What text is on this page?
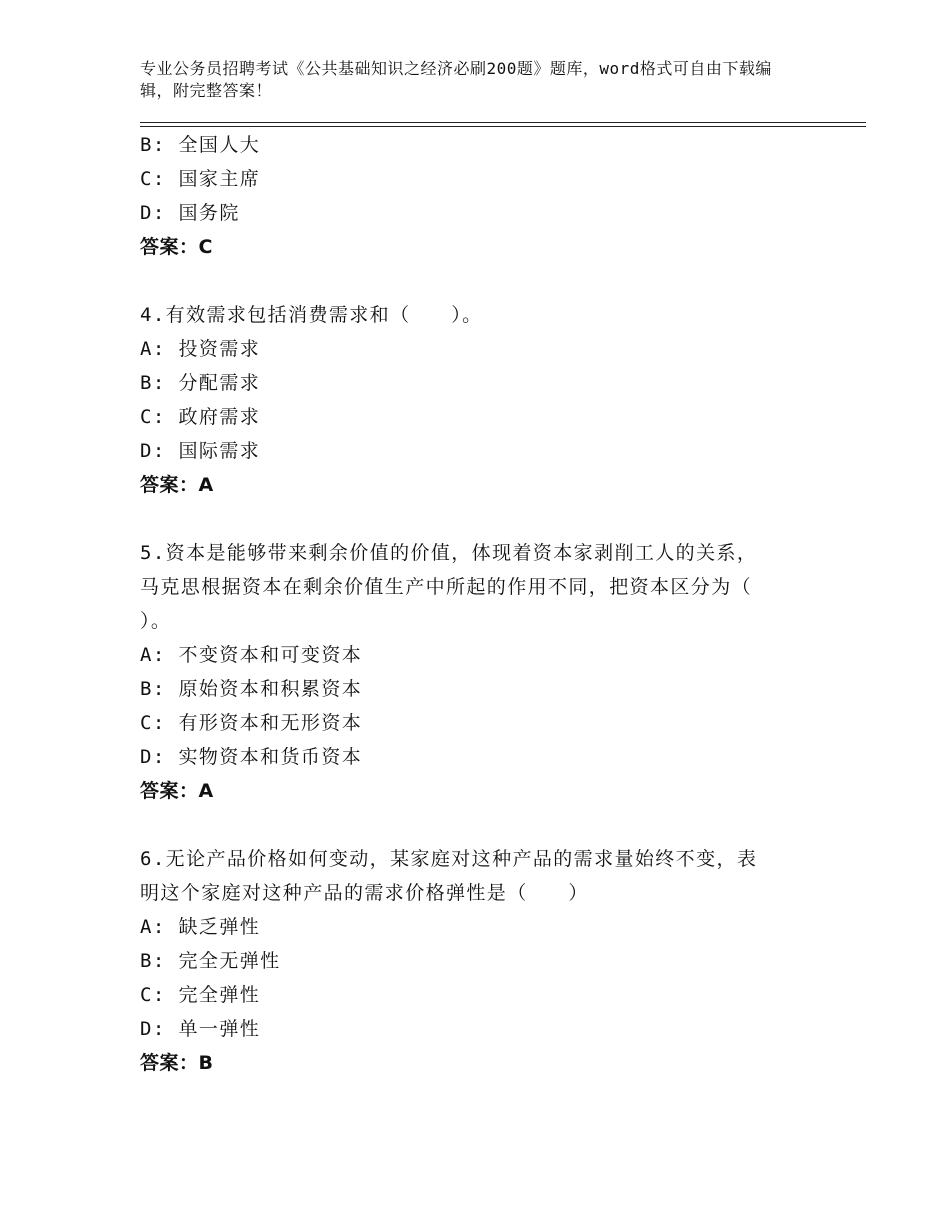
专业公务员招聘考试《公共基础知识之经济必刷200题》题库，word格式可自由下载编辑，附完整答案！
B: 全国人大
C: 国家主席
D: 国务院
答案：C
4.有效需求包括消费需求和（　　）。
A: 投资需求
B: 分配需求
C: 政府需求
D: 国际需求
答案：A
5.资本是能够带来剩余价值的价值，体现着资本家剥削工人的关系，
马克思根据资本在剩余价值生产中所起的作用不同，把资本区分为（
）。
A: 不变资本和可变资本
B: 原始资本和积累资本
C: 有形资本和无形资本
D: 实物资本和货币资本
答案：A
6.无论产品价格如何变动，某家庭对这种产品的需求量始终不变，表
明这个家庭对这种产品的需求价格弹性是（　　）
A: 缺乏弹性
B: 完全无弹性
C: 完全弹性
D: 单一弹性
答案：B
